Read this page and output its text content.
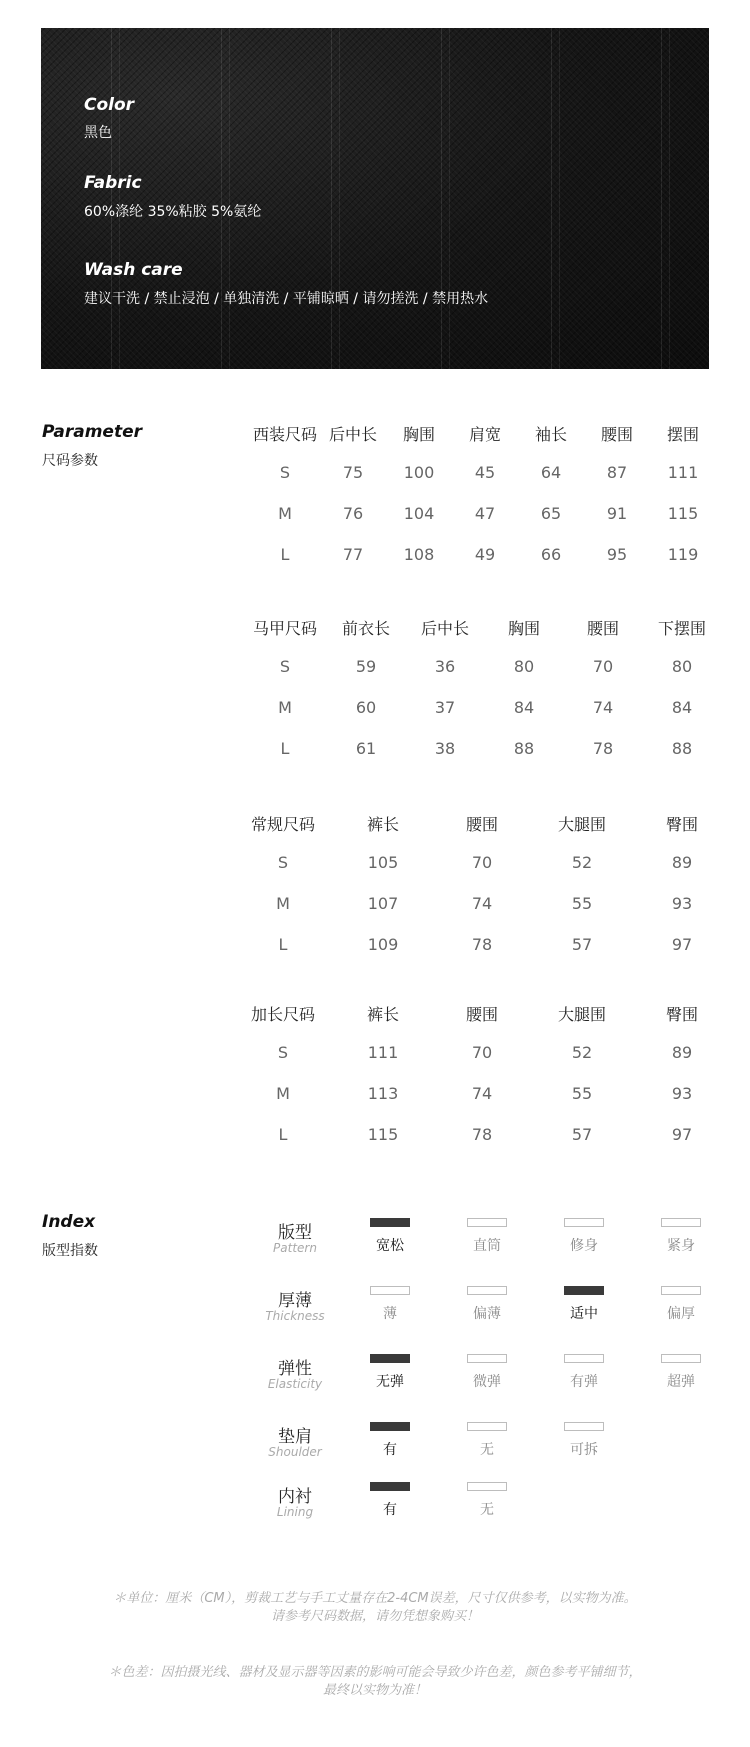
Color
黑色
Fabric
60%涤纶 35%粘胶 5%氨纶
Wash care
建议干洗 / 禁止浸泡 / 单独清洗 / 平铺晾晒 / 请勿搓洗 / 禁用热水
Parameter
尺码参数
西装尺码 后中长 胸围 肩宽 袖长 腰围 摆围
S	75	100	45	64	87	111
M	76	104	47	65	91	115
L	77	108	49	66	95	119
马甲尺码 前衣长 后中长 胸围	腰围 下摆围
S	59	36	80	70	80
M	60	37	84	74	84
L	61	38	88	78	88
常规尺码	裤长	腰围	大腿围	臀围
S	105	70	52	89
M	107	74	55	93
L	109	78	57	97
加长尺码	裤长	腰围	大腿围	臀围
S	111	70	52	89
M	113	74	55	93
L	115	78	57	97
Index
版型指数
版型
Pattern	宽松	直筒	修身	紧身
厚薄
Thickness	薄	偏薄	适中	偏厚
弹性
Elasticity	无弹	微弹	有弹	超弹
垫肩
Shoulder	有	无	可拆
内衬
Lining	有	无
＊单位：厘米（CM），剪裁工艺与手工丈量存在2-4CM误差，尺寸仅供参考，以实物为准。
请参考尺码数据，请勿凭想象购买！
＊色差：因拍摄光线、器材及显示器等因素的影响可能会导致少许色差，颜色参考平铺细节，
最终以实物为准！
